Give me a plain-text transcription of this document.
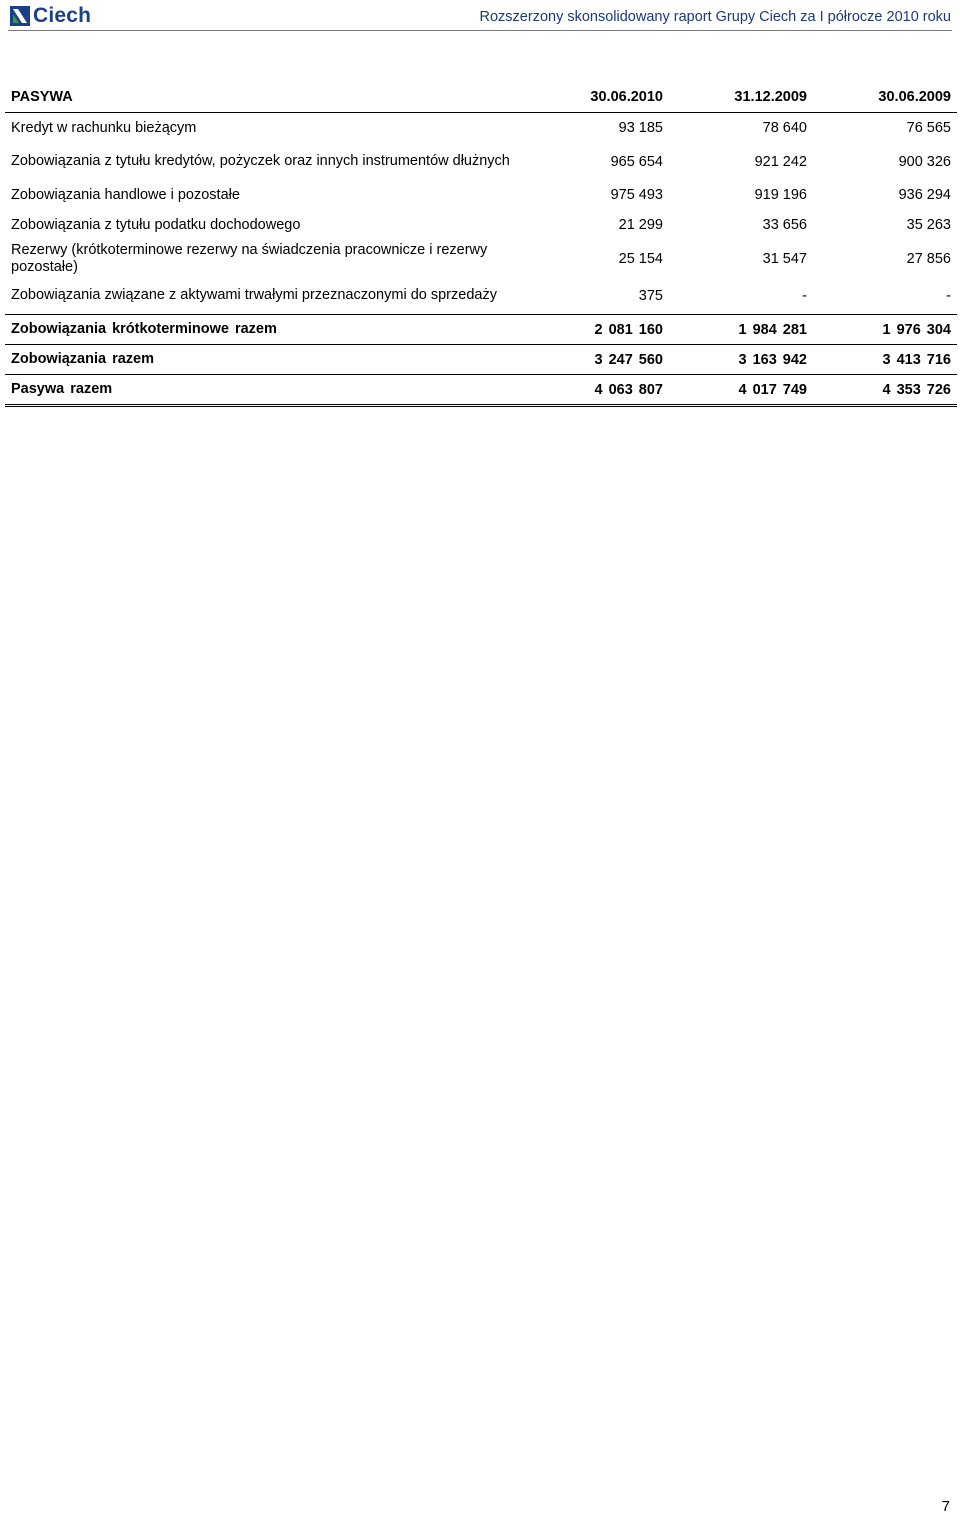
Ciech	Rozszerzony skonsolidowany raport Grupy Ciech za I półrocze 2010 roku
PASYWA	30.06.2010	31.12.2009	30.06.2009
Kredyt w rachunku bieżącym	93 185	78 640	76 565
Zobowiązania z tytułu kredytów, pożyczek oraz innych instrumentów dłużnych	965 654	921 242	900 326
Zobowiązania handlowe i pozostałe	975 493	919 196	936 294
Zobowiązania z tytułu podatku dochodowego	21 299	33 656	35 263
Rezerwy (krótkoterminowe rezerwy na świadczenia pracownicze i rezerwy pozostałe)	25 154	31 547	27 856
Zobowiązania związane z aktywami trwałymi przeznaczonymi do sprzedaży	375	-	-
Zobowiązania krótkoterminowe razem	2 081 160	1 984 281	1 976 304
Zobowiązania razem	3 247 560	3 163 942	3 413 716
Pasywa razem	4 063 807	4 017 749	4 353 726
7
